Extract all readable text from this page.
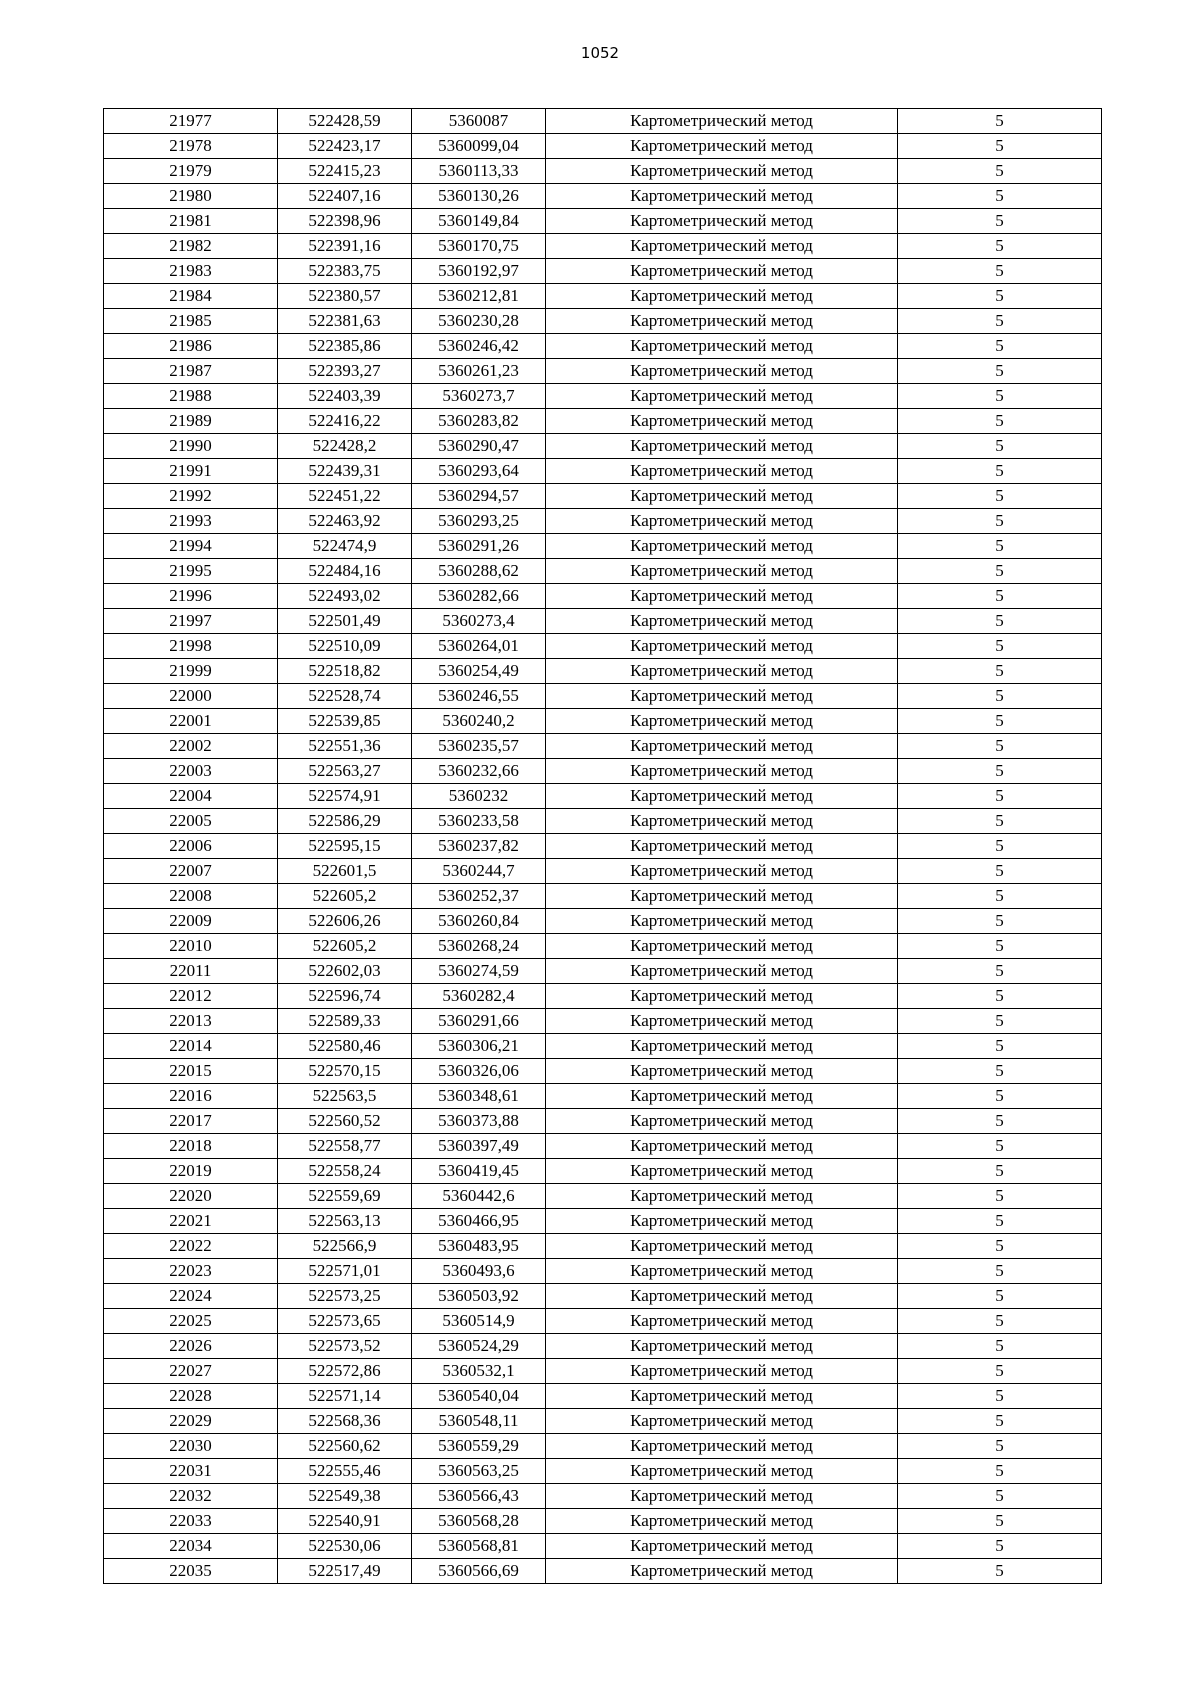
1052
21977	522428,59	5360087	Картометрический метод	5
21978	522423,17	5360099,04	Картометрический метод	5
21979	522415,23	5360113,33	Картометрический метод	5
21980	522407,16	5360130,26	Картометрический метод	5
21981	522398,96	5360149,84	Картометрический метод	5
21982	522391,16	5360170,75	Картометрический метод	5
21983	522383,75	5360192,97	Картометрический метод	5
21984	522380,57	5360212,81	Картометрический метод	5
21985	522381,63	5360230,28	Картометрический метод	5
21986	522385,86	5360246,42	Картометрический метод	5
21987	522393,27	5360261,23	Картометрический метод	5
21988	522403,39	5360273,7	Картометрический метод	5
21989	522416,22	5360283,82	Картометрический метод	5
21990	522428,2	5360290,47	Картометрический метод	5
21991	522439,31	5360293,64	Картометрический метод	5
21992	522451,22	5360294,57	Картометрический метод	5
21993	522463,92	5360293,25	Картометрический метод	5
21994	522474,9	5360291,26	Картометрический метод	5
21995	522484,16	5360288,62	Картометрический метод	5
21996	522493,02	5360282,66	Картометрический метод	5
21997	522501,49	5360273,4	Картометрический метод	5
21998	522510,09	5360264,01	Картометрический метод	5
21999	522518,82	5360254,49	Картометрический метод	5
22000	522528,74	5360246,55	Картометрический метод	5
22001	522539,85	5360240,2	Картометрический метод	5
22002	522551,36	5360235,57	Картометрический метод	5
22003	522563,27	5360232,66	Картометрический метод	5
22004	522574,91	5360232	Картометрический метод	5
22005	522586,29	5360233,58	Картометрический метод	5
22006	522595,15	5360237,82	Картометрический метод	5
22007	522601,5	5360244,7	Картометрический метод	5
22008	522605,2	5360252,37	Картометрический метод	5
22009	522606,26	5360260,84	Картометрический метод	5
22010	522605,2	5360268,24	Картометрический метод	5
22011	522602,03	5360274,59	Картометрический метод	5
22012	522596,74	5360282,4	Картометрический метод	5
22013	522589,33	5360291,66	Картометрический метод	5
22014	522580,46	5360306,21	Картометрический метод	5
22015	522570,15	5360326,06	Картометрический метод	5
22016	522563,5	5360348,61	Картометрический метод	5
22017	522560,52	5360373,88	Картометрический метод	5
22018	522558,77	5360397,49	Картометрический метод	5
22019	522558,24	5360419,45	Картометрический метод	5
22020	522559,69	5360442,6	Картометрический метод	5
22021	522563,13	5360466,95	Картометрический метод	5
22022	522566,9	5360483,95	Картометрический метод	5
22023	522571,01	5360493,6	Картометрический метод	5
22024	522573,25	5360503,92	Картометрический метод	5
22025	522573,65	5360514,9	Картометрический метод	5
22026	522573,52	5360524,29	Картометрический метод	5
22027	522572,86	5360532,1	Картометрический метод	5
22028	522571,14	5360540,04	Картометрический метод	5
22029	522568,36	5360548,11	Картометрический метод	5
22030	522560,62	5360559,29	Картометрический метод	5
22031	522555,46	5360563,25	Картометрический метод	5
22032	522549,38	5360566,43	Картометрический метод	5
22033	522540,91	5360568,28	Картометрический метод	5
22034	522530,06	5360568,81	Картометрический метод	5
22035	522517,49	5360566,69	Картометрический метод	5
